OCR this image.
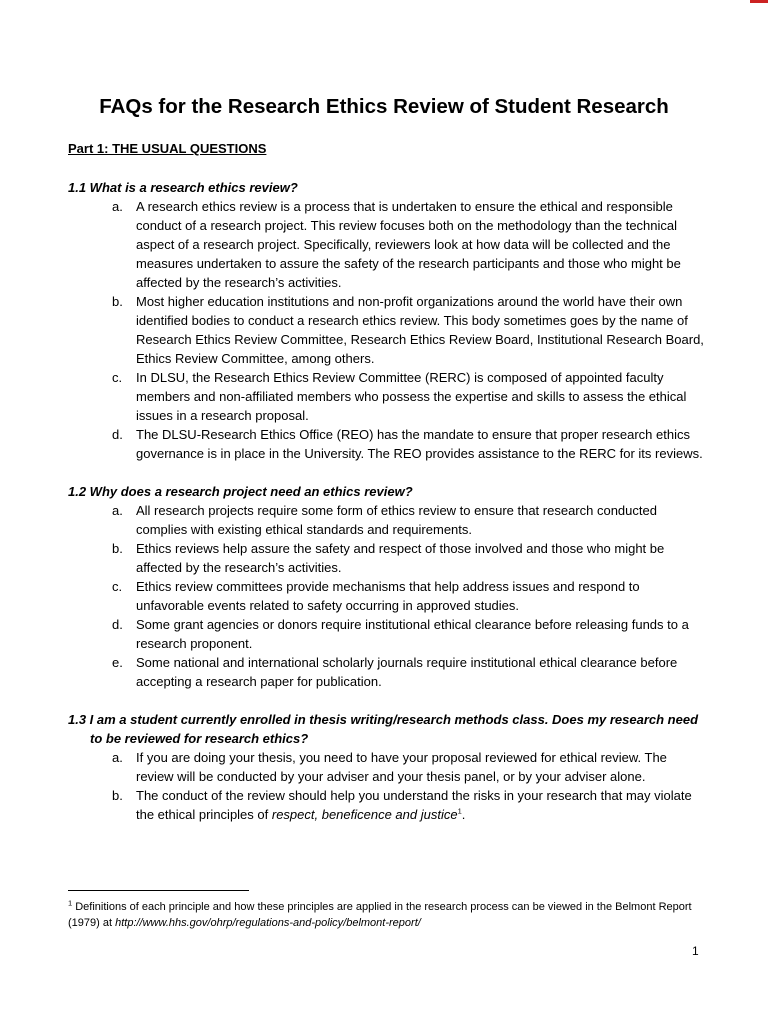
FAQs for the Research Ethics Review of Student Research

Part 1: THE USUAL QUESTIONS

1.1 What is a research ethics review?

a. A research ethics review is a process that is undertaken to ensure the ethical and responsible conduct of a research project. This review focuses both on the methodology than the technical aspect of a research project. Specifically, reviewers look at how data will be collected and the measures undertaken to assure the safety of the research participants and those who might be affected by the research’s activities.
b. Most higher education institutions and non-profit organizations around the world have their own identified bodies to conduct a research ethics review. This body sometimes goes by the name of Research Ethics Review Committee, Research Ethics Review Board, Institutional Research Board, Ethics Review Committee, among others.
c. In DLSU, the Research Ethics Review Committee (RERC) is composed of appointed faculty members and non-affiliated members who possess the expertise and skills to assess the ethical issues in a research proposal.
d. The DLSU-Research Ethics Office (REO) has the mandate to ensure that proper research ethics governance is in place in the University. The REO provides assistance to the RERC for its reviews.

1.2 Why does a research project need an ethics review?

a. All research projects require some form of ethics review to ensure that research conducted complies with existing ethical standards and requirements.
b. Ethics reviews help assure the safety and respect of those involved and those who might be affected by the research’s activities.
c. Ethics review committees provide mechanisms that help address issues and respond to unfavorable events related to safety occurring in approved studies.
d. Some grant agencies or donors require institutional ethical clearance before releasing funds to a research proponent.
e. Some national and international scholarly journals require institutional ethical clearance before accepting a research paper for publication.

1.3 I am a student currently enrolled in thesis writing/research methods class. Does my research need to be reviewed for research ethics?

a. If you are doing your thesis, you need to have your proposal reviewed for ethical review. The review will be conducted by your adviser and your thesis panel, or by your adviser alone.
b. The conduct of the review should help you understand the risks in your research that may violate the ethical principles of respect, beneficence and justice$^1$.

$^1$ Definitions of each principle and how these principles are applied in the research process can be viewed in the Belmont Report (1979) at http://www.hhs.gov/ohrp/regulations-and-policy/belmont-report/

1
